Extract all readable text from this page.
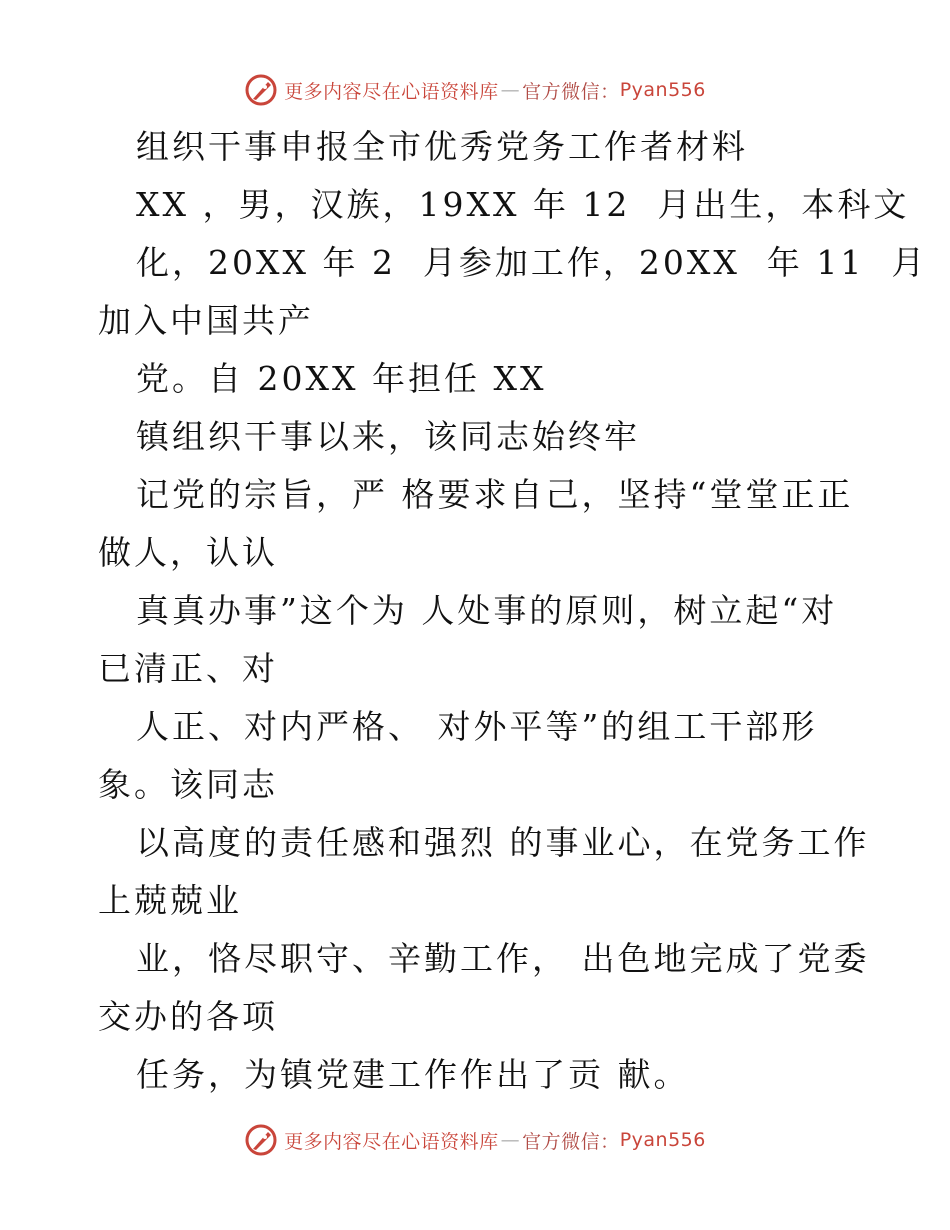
更多内容尽在心语资料库 — 官方微信 ： Pyan556
组织干事申报全市优秀党务工作者材料
XX ，男，汉族，19XX 年 12  月出生，本科文
化，20XX 年 2  月参加工作，20XX  年 11  月
加入中国共产
党。自 20XX 年担任 XX
镇组织干事以来，该同志始终牢
记党的宗旨，严 格要求自己，坚持“堂堂正正
做人，认认
真真办事”这个为 人处事的原则，树立起“对
已清正、对
人正、对内严格、 对外平等”的组工干部形
象。该同志
以高度的责任感和强烈 的事业心，在党务工作
上兢兢业
业，恪尽职守、辛勤工作， 出色地完成了党委
交办的各项
任务，为镇党建工作作出了贡 献。
更多内容尽在心语资料库 — 官方微信 ： Pyan556
